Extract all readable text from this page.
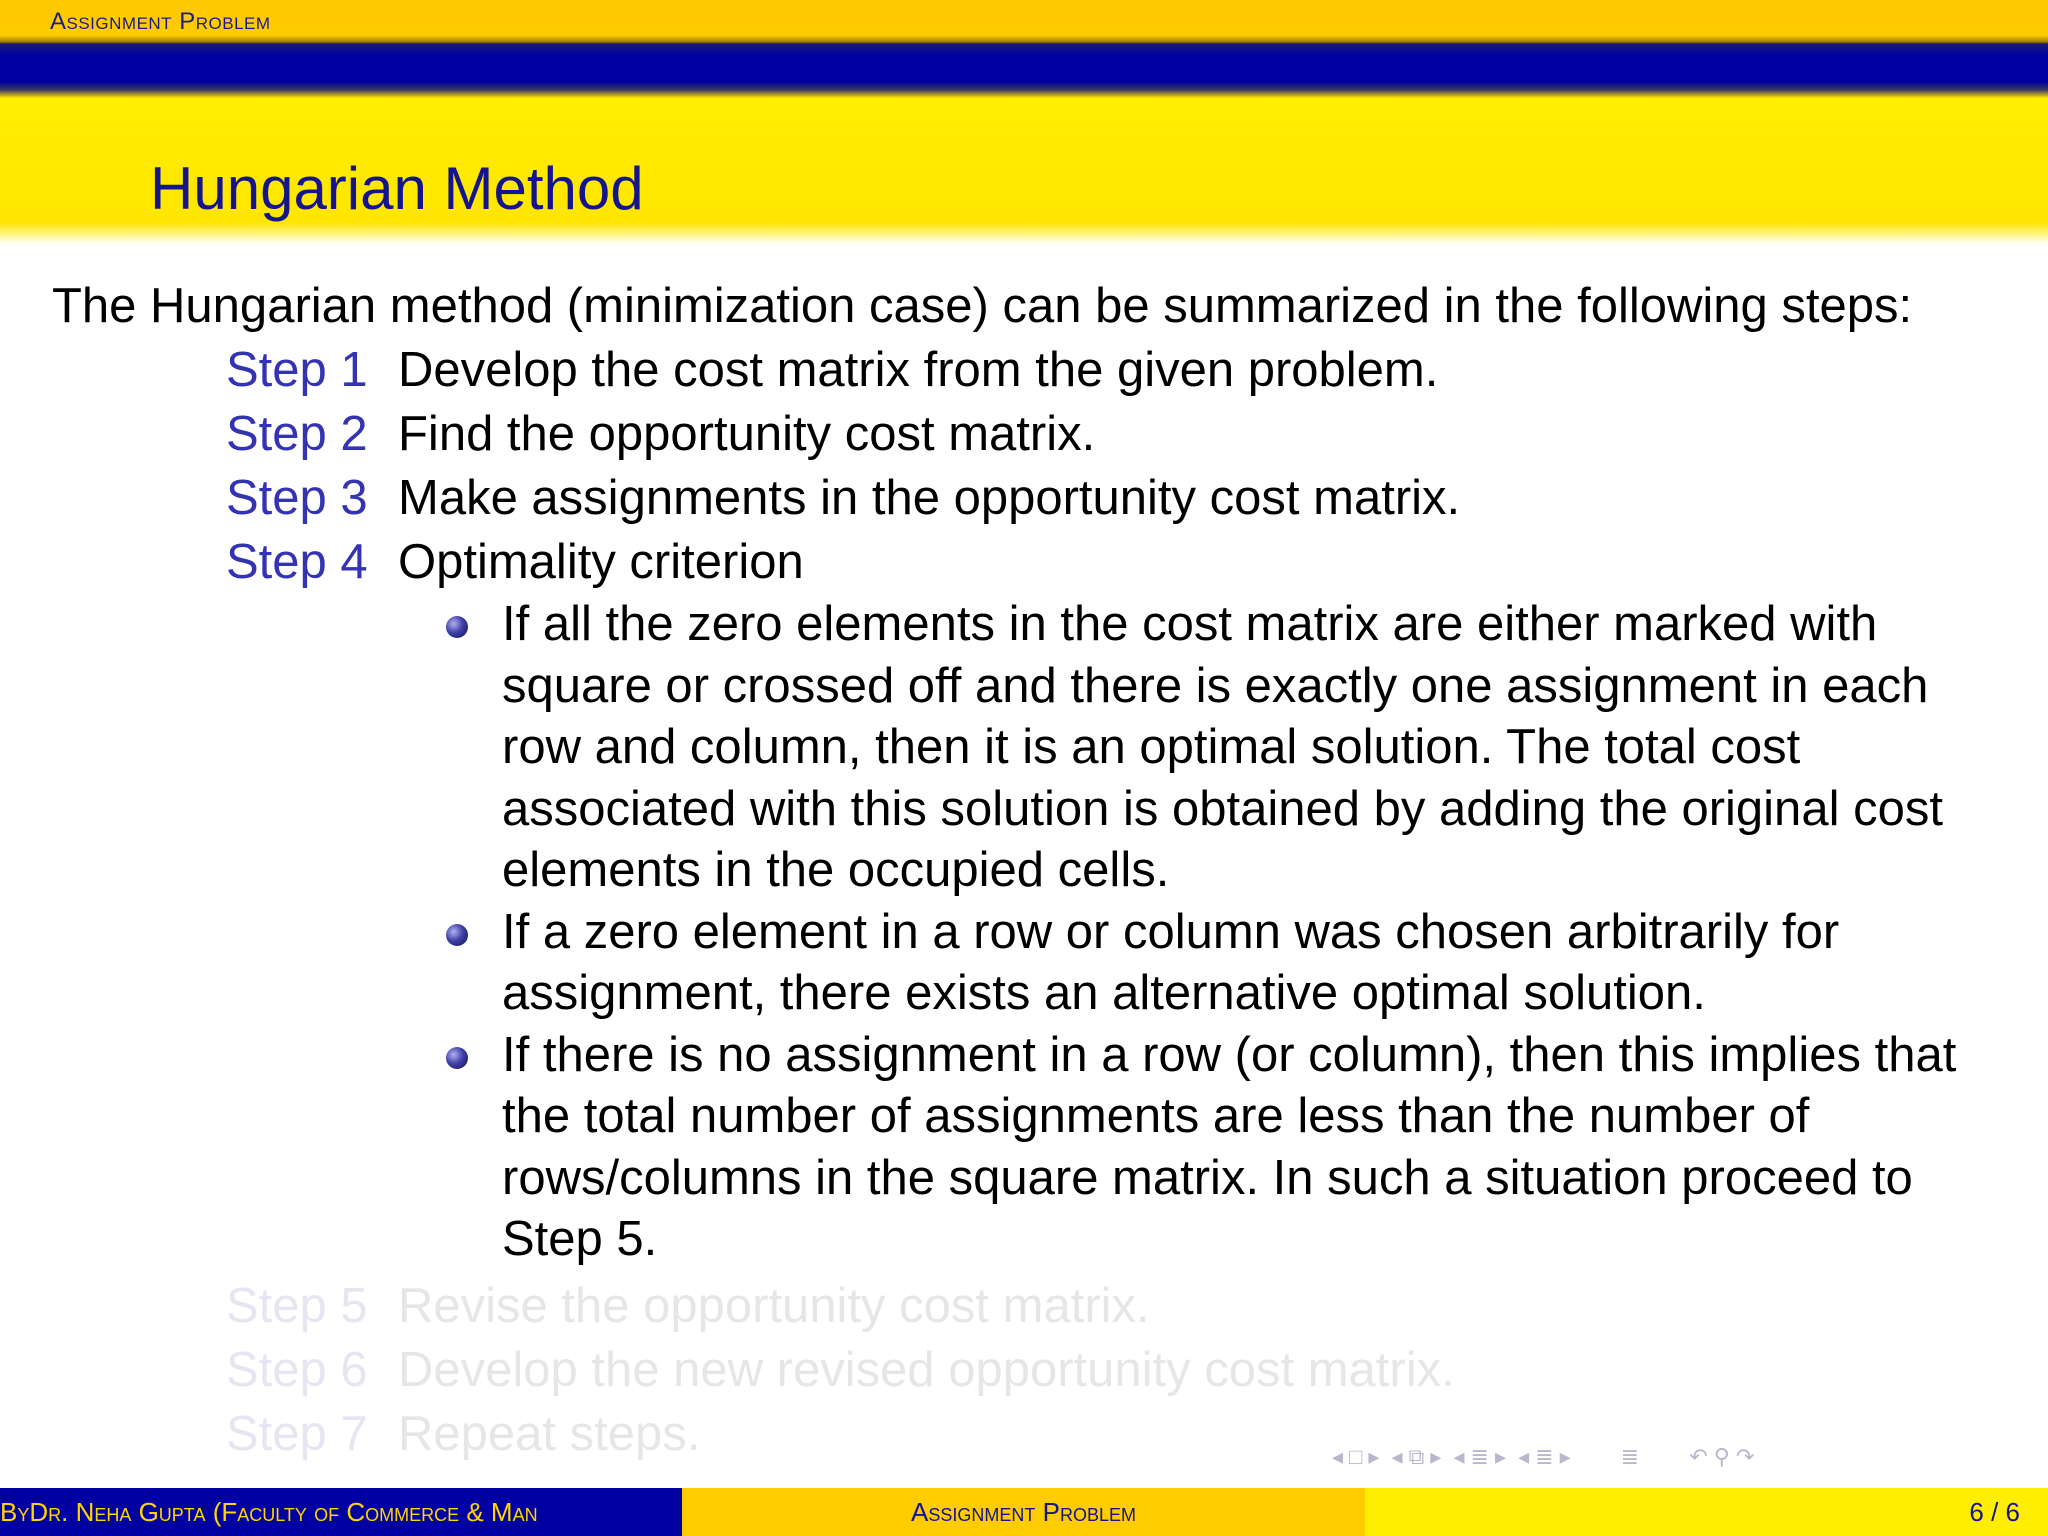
Assignment Problem
Hungarian Method
The Hungarian method (minimization case) can be summarized in the following steps:
Step 1 Develop the cost matrix from the given problem.
Step 2 Find the opportunity cost matrix.
Step 3 Make assignments in the opportunity cost matrix.
Step 4 Optimality criterion
If all the zero elements in the cost matrix are either marked with square or crossed off and there is exactly one assignment in each row and column, then it is an optimal solution. The total cost associated with this solution is obtained by adding the original cost elements in the occupied cells.
If a zero element in a row or column was chosen arbitrarily for assignment, there exists an alternative optimal solution.
If there is no assignment in a row (or column), then this implies that the total number of assignments are less than the number of rows/columns in the square matrix. In such a situation proceed to Step 5.
Step 5 Revise the opportunity cost matrix.
Step 6 Develop the new revised opportunity cost matrix.
Step 7 Repeat steps.	◂ □ ▸ ◂ ⧉ ▸ ◂ ≣ ▸ ◂ ≣ ▸ ≣ ↶ ⚲ ↷
ByDr. Neha Gupta (Faculty of Commerce & Man	Assignment Problem	6 / 6
